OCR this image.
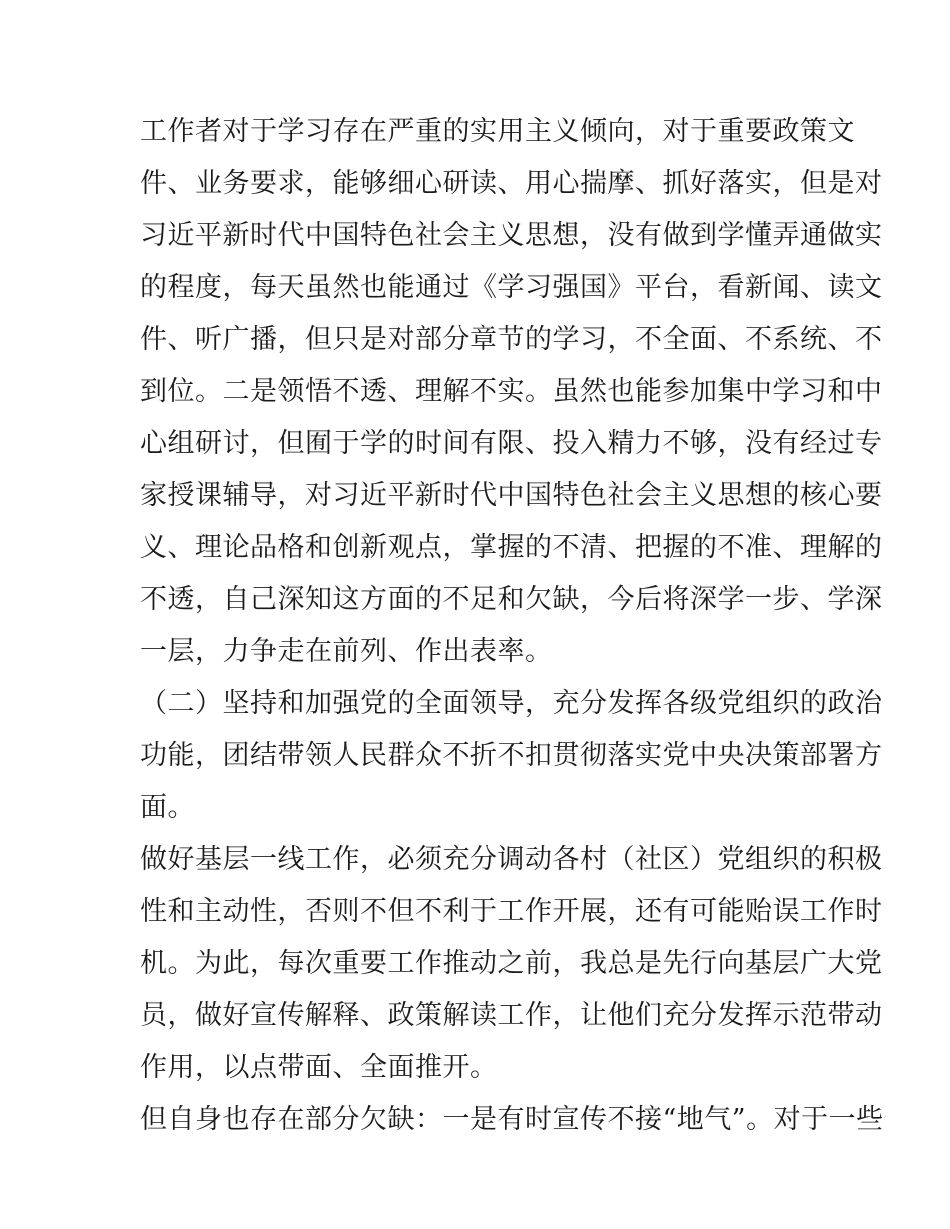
工作者对于学习存在严重的实用主义倾向，对于重要政策文
件、业务要求，能够细心研读、用心揣摩、抓好落实，但是对
习近平新时代中国特色社会主义思想，没有做到学懂弄通做实
的程度，每天虽然也能通过《学习强国》平台，看新闻、读文
件、听广播，但只是对部分章节的学习，不全面、不系统、不
到位。二是领悟不透、理解不实。虽然也能参加集中学习和中
心组研讨，但囿于学的时间有限、投入精力不够，没有经过专
家授课辅导，对习近平新时代中国特色社会主义思想的核心要
义、理论品格和创新观点，掌握的不清、把握的不准、理解的
不透，自己深知这方面的不足和欠缺，今后将深学一步、学深
一层，力争走在前列、作出表率。
（二）坚持和加强党的全面领导，充分发挥各级党组织的政治
功能，团结带领人民群众不折不扣贯彻落实党中央决策部署方
面。
做好基层一线工作，必须充分调动各村（社区）党组织的积极
性和主动性，否则不但不利于工作开展，还有可能贻误工作时
机。为此，每次重要工作推动之前，我总是先行向基层广大党
员，做好宣传解释、政策解读工作，让他们充分发挥示范带动
作用，以点带面、全面推开。
但自身也存在部分欠缺：一是有时宣传不接“地气”。对于一些
